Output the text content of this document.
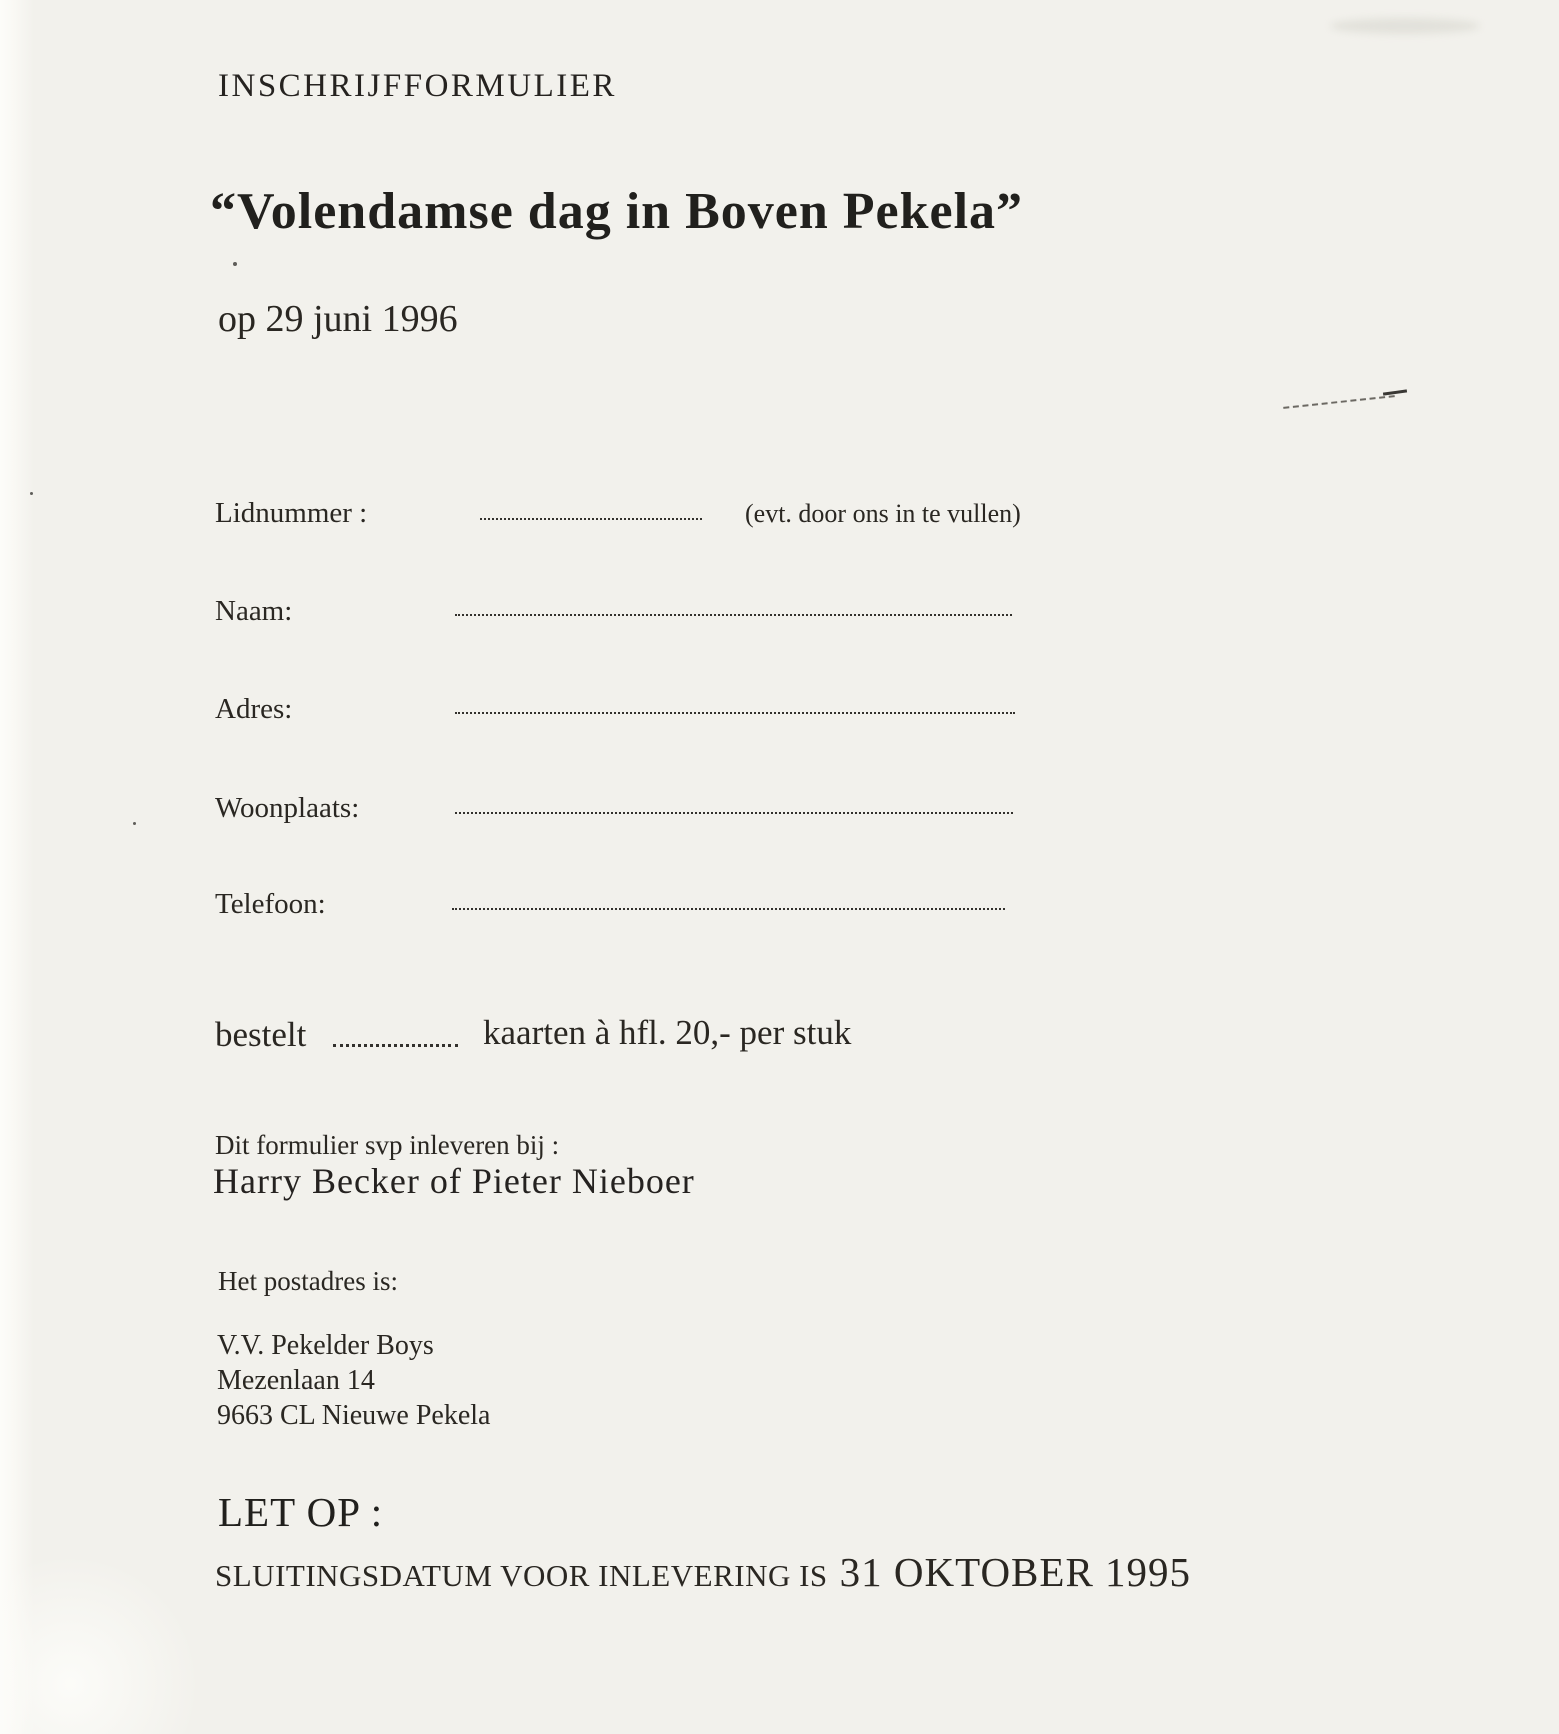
INSCHRIJFFORMULIER
“Volendamse dag in Boven Pekela”
op 29 juni 1996
Lidnummer :	(evt. door ons in te vullen)
Naam:
Adres:
Woonplaats:
Telefoon:
bestelt	kaarten à hfl. 20,- per stuk
Dit formulier svp inleveren bij :
Harry Becker of Pieter Nieboer
Het postadres is:
V.V. Pekelder Boys
Mezenlaan 14
9663 CL Nieuwe Pekela
LET OP :
SLUITINGSDATUM VOOR INLEVERING IS 31 OKTOBER 1995
